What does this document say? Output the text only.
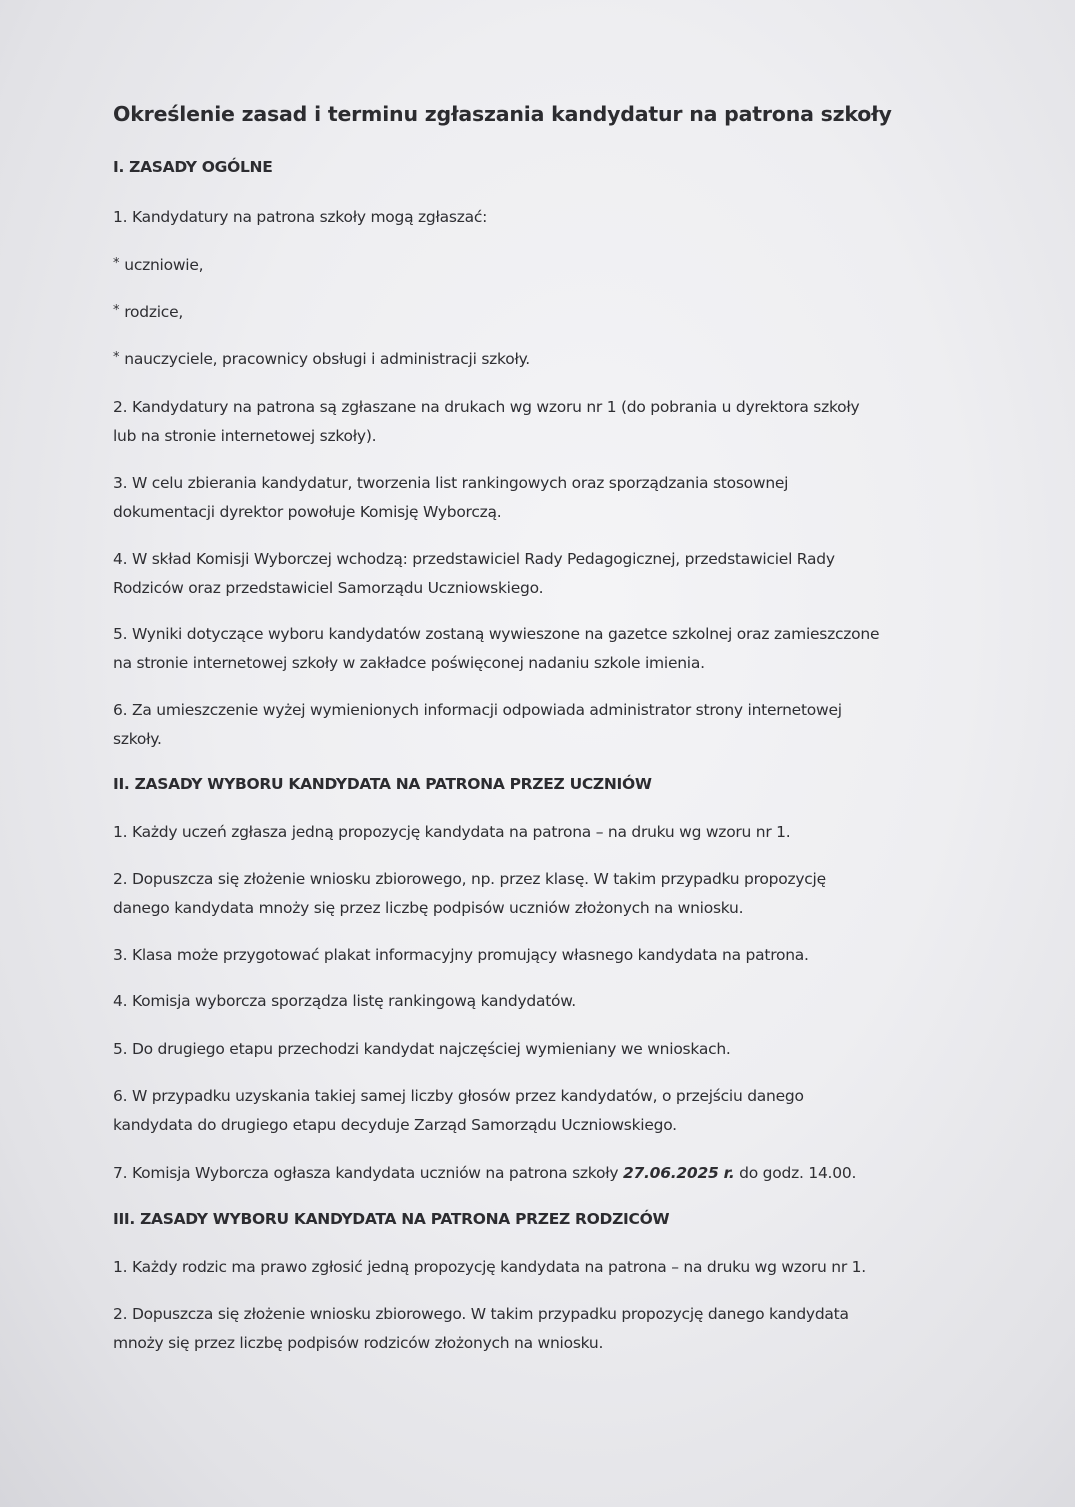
Określenie zasad i terminu zgłaszania kandydatur na patrona szkoły
I. ZASADY OGÓLNE
1. Kandydatury na patrona szkoły mogą zgłaszać:
* uczniowie,
* rodzice,
* nauczyciele, pracownicy obsługi i administracji szkoły.
2. Kandydatury na patrona są zgłaszane na drukach wg wzoru nr 1 (do pobrania u dyrektora szkoły
lub na stronie internetowej szkoły).
3. W celu zbierania kandydatur, tworzenia list rankingowych oraz sporządzania stosownej
dokumentacji dyrektor powołuje Komisję Wyborczą.
4. W skład Komisji Wyborczej wchodzą: przedstawiciel Rady Pedagogicznej, przedstawiciel Rady
Rodziców oraz przedstawiciel Samorządu Uczniowskiego.
5. Wyniki dotyczące wyboru kandydatów zostaną wywieszone na gazetce szkolnej oraz zamieszczone
na stronie internetowej szkoły w zakładce poświęconej nadaniu szkole imienia.
6. Za umieszczenie wyżej wymienionych informacji odpowiada administrator strony internetowej
szkoły.
II. ZASADY WYBORU KANDYDATA NA PATRONA PRZEZ UCZNIÓW
1. Każdy uczeń zgłasza jedną propozycję kandydata na patrona – na druku wg wzoru nr 1.
2. Dopuszcza się złożenie wniosku zbiorowego, np. przez klasę. W takim przypadku propozycję
danego kandydata mnoży się przez liczbę podpisów uczniów złożonych na wniosku.
3. Klasa może przygotować plakat informacyjny promujący własnego kandydata na patrona.
4. Komisja wyborcza sporządza listę rankingową kandydatów.
5. Do drugiego etapu przechodzi kandydat najczęściej wymieniany we wnioskach.
6. W przypadku uzyskania takiej samej liczby głosów przez kandydatów, o przejściu danego
kandydata do drugiego etapu decyduje Zarząd Samorządu Uczniowskiego.
7. Komisja Wyborcza ogłasza kandydata uczniów na patrona szkoły 27.06.2025 r. do godz. 14.00.
III. ZASADY WYBORU KANDYDATA NA PATRONA PRZEZ RODZICÓW
1. Każdy rodzic ma prawo zgłosić jedną propozycję kandydata na patrona – na druku wg wzoru nr 1.
2. Dopuszcza się złożenie wniosku zbiorowego. W takim przypadku propozycję danego kandydata
mnoży się przez liczbę podpisów rodziców złożonych na wniosku.
